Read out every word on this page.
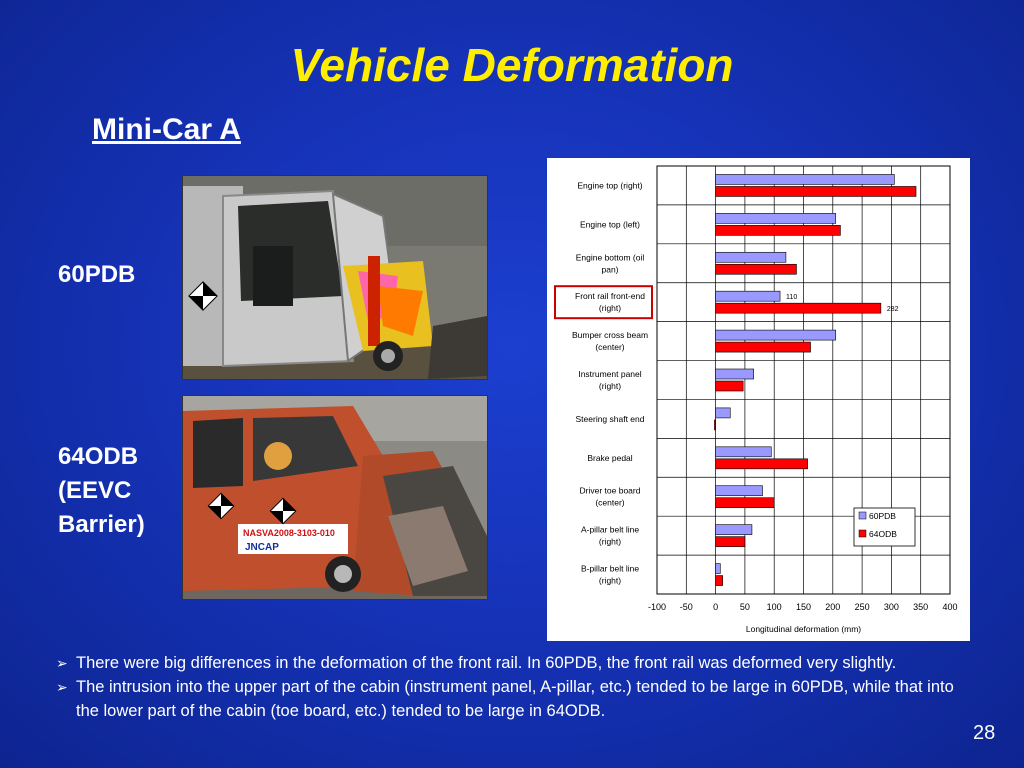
Vehicle Deformation
Mini-Car A
60PDB
64ODB
(EEVC
Barrier)	NASVA2008-3103-010
JNCAP
-100 -50 0 50 100 150 200 250 300 350 400
Engine top (right)
Engine top (left)
Engine bottom (oil
pan)
Front rail front-end
(right)
Bumper cross beam
(center)
Instrument panel
(right)
Steering shaft end
Brake pedal
Driver toe board
(center)
A-pillar belt line
(right)
B-pillar belt line
(right)
110
282
Longitudinal deformation (mm)
60PDB
64ODB
➢ There were big differences in the deformation of the front rail. In 60PDB, the front rail was deformed very slightly.
➢ The intrusion into the upper part of the cabin (instrument panel, A-pillar, etc.) tended to be large in 60PDB, while that into the lower part of the cabin (toe board, etc.) tended to be large in 64ODB.
28
